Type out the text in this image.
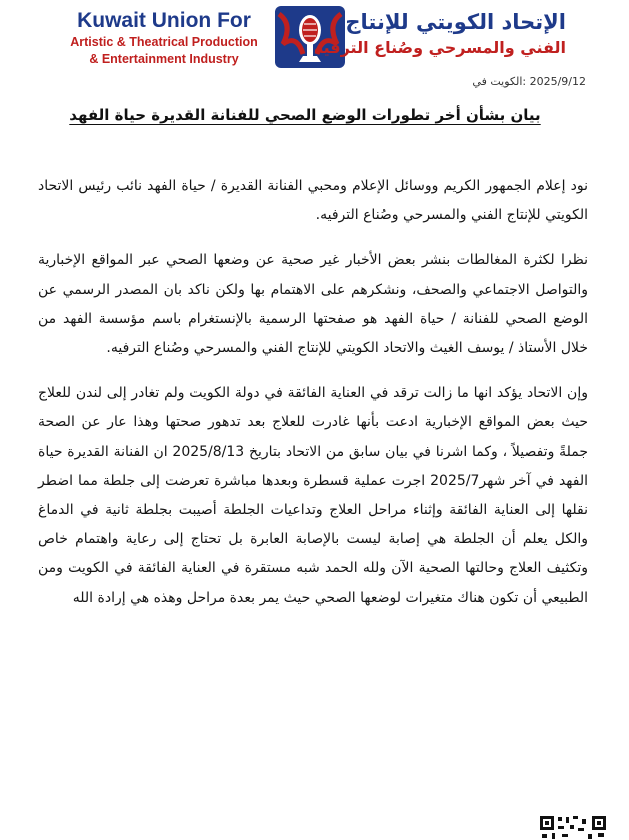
Kuwait Union For
Artistic & Theatrical Production
& Entertainment Industry
الإتحاد الكويتي للإنتاج
الفني والمسرحي وصُناع الترفيه
الكويت في: 2025/9/12
بيان بشأن أخر تطورات الوضع الصحي للفنانة القديرة حياة الفهد

نود إعلام الجمهور الكريم ووسائل الإعلام ومحبي الفنانة القديرة / حياة الفهد نائب رئيس الاتحاد الكويتي للإنتاج الفني والمسرحي وصُناع الترفيه.

نظرا لكثرة المغالطات بنشر بعض الأخبار غير صحية عن وضعها الصحي عبر المواقع الإخبارية والتواصل الاجتماعي والصحف، ونشكرهم على الاهتمام بها ولكن ناكد بان المصدر الرسمي عن الوضع الصحي للفنانة / حياة الفهد هو صفحتها الرسمية بالإنستغرام باسم مؤسسة الفهد من خلال الأستاذ / يوسف الغيث والاتحاد الكويتي للإنتاج الفني والمسرحي وصُناع الترفيه.

وإن الاتحاد يؤكد انها ما زالت ترقد في العناية الفائقة في دولة الكويت ولم تغادر إلى لندن للعلاج حيث بعض المواقع الإخبارية ادعت بأنها غادرت للعلاج بعد تدهور صحتها وهذا عار عن الصحة جملةً وتفصيلاً ، وكما اشرنا في بيان سابق من الاتحاد بتاريخ 2025/8/13 ان الفنانة القديرة حياة الفهد في آخر شهر2025/7 اجرت عملية قسطرة وبعدها مباشرة تعرضت إلى جلطة مما اضطر نقلها إلى العناية الفائقة وإثناء مراحل العلاج وتداعيات الجلطة أصيبت بجلطة ثانية في الدماغ والكل يعلم أن الجلطة هي إصابة ليست بالإصابة العابرة بل تحتاج إلى رعاية واهتمام خاص وتكثيف العلاج وحالتها الصحية الآن ولله الحمد شبه مستقرة في العناية الفائقة في الكويت ومن الطبيعي أن تكون هناك متغيرات لوضعها الصحي حيث يمر بعدة مراحل وهذه هي إرادة الله
